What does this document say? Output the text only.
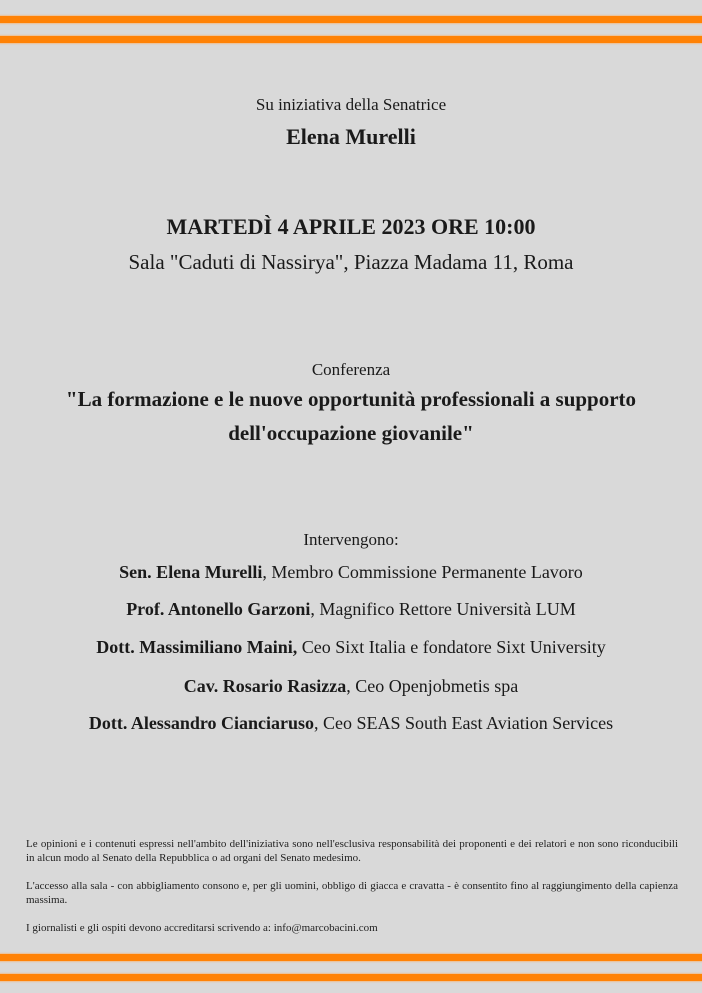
Su iniziativa della Senatrice
Elena Murelli
MARTEDÌ 4 APRILE 2023 ORE 10:00
Sala "Caduti di Nassirya", Piazza Madama 11, Roma
Conferenza
"La formazione e le nuove opportunità professionali a supporto
dell'occupazione giovanile"
Intervengono:
Sen. Elena Murelli, Membro Commissione Permanente Lavoro
Prof. Antonello Garzoni, Magnifico Rettore Università LUM
Dott. Massimiliano Maini, Ceo Sixt Italia e fondatore Sixt University
Cav. Rosario Rasizza, Ceo Openjobmetis spa
Dott. Alessandro Cianciaruso, Ceo SEAS South East Aviation Services
Le opinioni e i contenuti espressi nell'ambito dell'iniziativa sono nell'esclusiva responsabilità dei proponenti e dei relatori e non sono riconducibili in alcun modo al Senato della Repubblica o ad organi del Senato medesimo.
L'accesso alla sala - con abbigliamento consono e, per gli uomini, obbligo di giacca e cravatta - è consentito fino al raggiungimento della capienza massima.
I giornalisti e gli ospiti devono accreditarsi scrivendo a: info@marcobacini.com
